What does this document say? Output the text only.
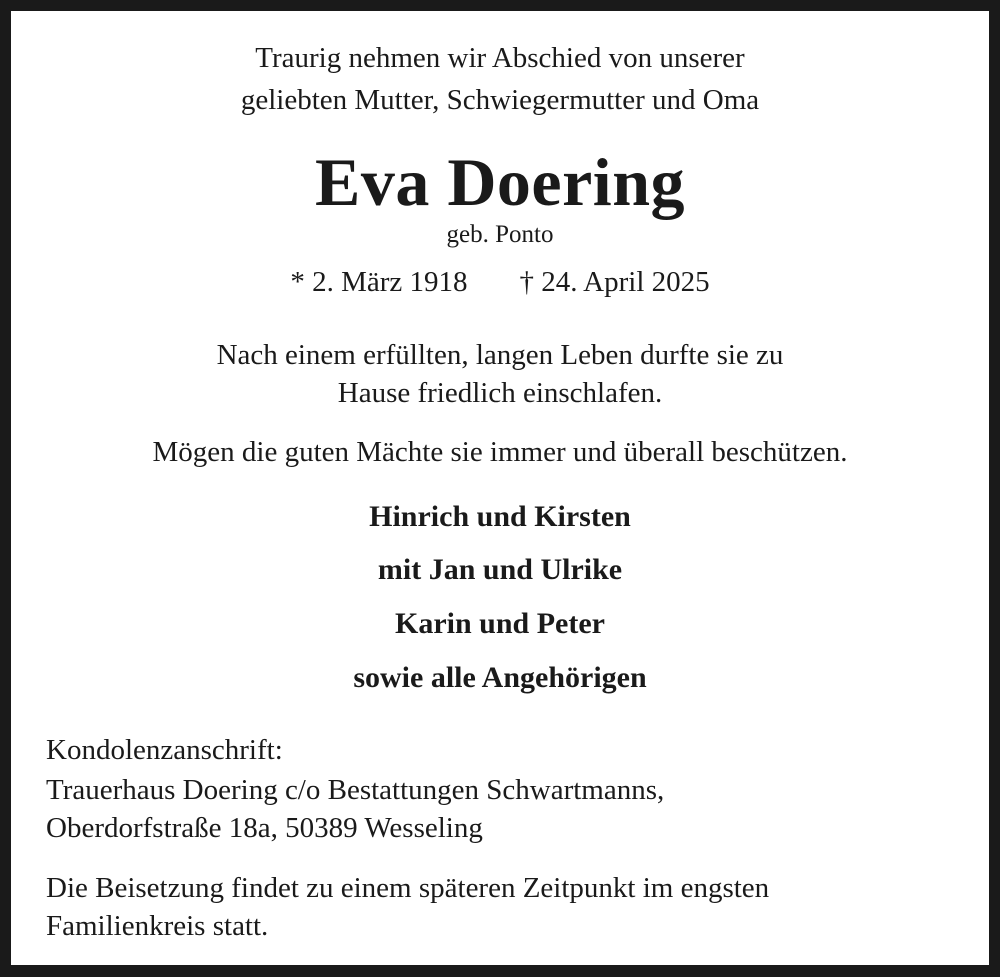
Traurig nehmen wir Abschied von unserer
geliebten Mutter, Schwiegermutter und Oma
Eva Doering
geb. Ponto
* 2. März 1918 † 24. April 2025
Nach einem erfüllten, langen Leben durfte sie zu
Hause friedlich einschlafen.
Mögen die guten Mächte sie immer und überall beschützen.
Hinrich und Kirsten
mit Jan und Ulrike
Karin und Peter
sowie alle Angehörigen
Kondolenzanschrift:
Trauerhaus Doering c/o Bestattungen Schwartmanns,
Oberdorfstraße 18a, 50389 Wesseling
Die Beisetzung findet zu einem späteren Zeitpunkt im engsten
Familienkreis statt.
